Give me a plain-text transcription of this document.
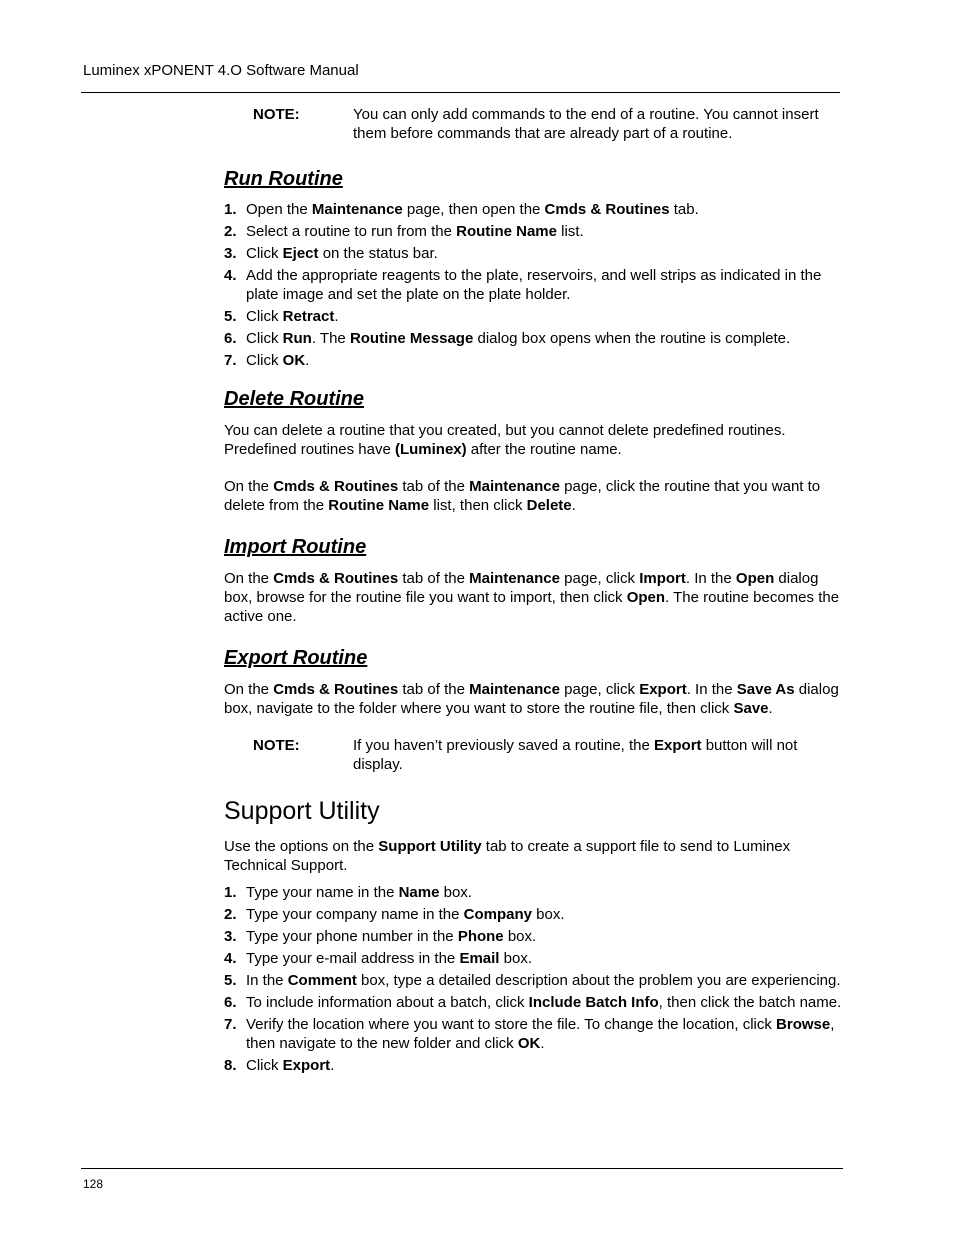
Luminex xPONENT 4.O Software Manual
NOTE:	You can only add commands to the end of a routine. You cannot insert them before commands that are already part of a routine.
Run Routine
1. Open the Maintenance page, then open the Cmds & Routines tab.
2. Select a routine to run from the Routine Name list.
3. Click Eject on the status bar.
4. Add the appropriate reagents to the plate, reservoirs, and well strips as indicated in the plate image and set the plate on the plate holder.
5. Click Retract.
6. Click Run. The Routine Message dialog box opens when the routine is complete.
7. Click OK.
Delete Routine

You can delete a routine that you created, but you cannot delete predefined routines. Predefined routines have (Luminex) after the routine name.

On the Cmds & Routines tab of the Maintenance page, click the routine that you want to delete from the Routine Name list, then click Delete.

Import Routine

On the Cmds & Routines tab of the Maintenance page, click Import. In the Open dialog box, browse for the routine file you want to import, then click Open. The routine becomes the active one.

Export Routine

On the Cmds & Routines tab of the Maintenance page, click Export. In the Save As dialog box, navigate to the folder where you want to store the routine file, then click Save.

NOTE:	If you haven’t previously saved a routine, the Export button will not display.
Support Utility

Use the options on the Support Utility tab to create a support file to send to Luminex Technical Support.

1. Type your name in the Name box.
2. Type your company name in the Company box.
3. Type your phone number in the Phone box.
4. Type your e-mail address in the Email box.
5. In the Comment box, type a detailed description about the problem you are experiencing.
6. To include information about a batch, click Include Batch Info, then click the batch name.
7. Verify the location where you want to store the file. To change the location, click Browse, then navigate to the new folder and click OK.
8. Click Export.
128
